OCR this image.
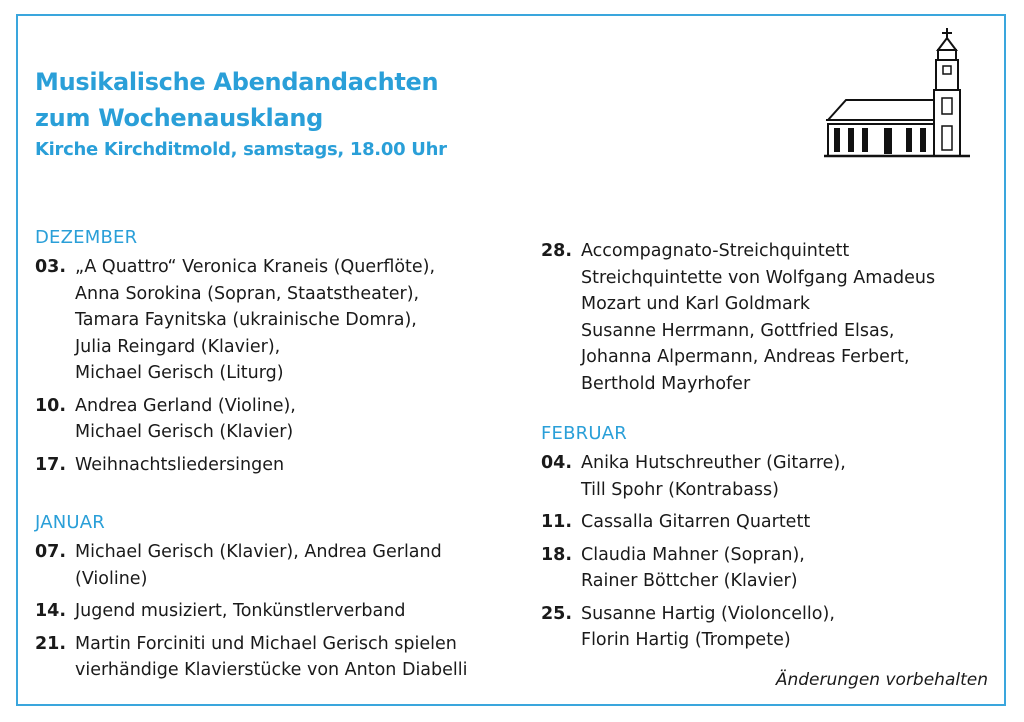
Musikalische Abendandachten
zum Wochenausklang
Kirche Kirchditmold, samstags, 18.00 Uhr
DEZEMBER
03. „A Quattro“ Veronica Kraneis (Querflöte),
Anna Sorokina (Sopran, Staatstheater),
Tamara Faynitska (ukrainische Domra),
Julia Reingard (Klavier),
Michael Gerisch (Liturg)
10. Andrea Gerland (Violine),
Michael Gerisch (Klavier)
17. Weihnachtsliedersingen
JANUAR
07. Michael Gerisch (Klavier), Andrea Gerland
(Violine)
14. Jugend musiziert, Tonkünstlerverband
21. Martin Forciniti und Michael Gerisch spielen
vierhändige Klavierstücke von Anton Diabelli
28. Accompagnato-Streichquintett
Streichquintette von Wolfgang Amadeus
Mozart und Karl Goldmark
Susanne Herrmann, Gottfried Elsas,
Johanna Alpermann, Andreas Ferbert,
Berthold Mayrhofer
FEBRUAR
04. Anika Hutschreuther (Gitarre),
Till Spohr (Kontrabass)
11. Cassalla Gitarren Quartett
18. Claudia Mahner (Sopran),
Rainer Böttcher (Klavier)
25. Susanne Hartig (Violoncello),
Florin Hartig (Trompete)
Änderungen vorbehalten
